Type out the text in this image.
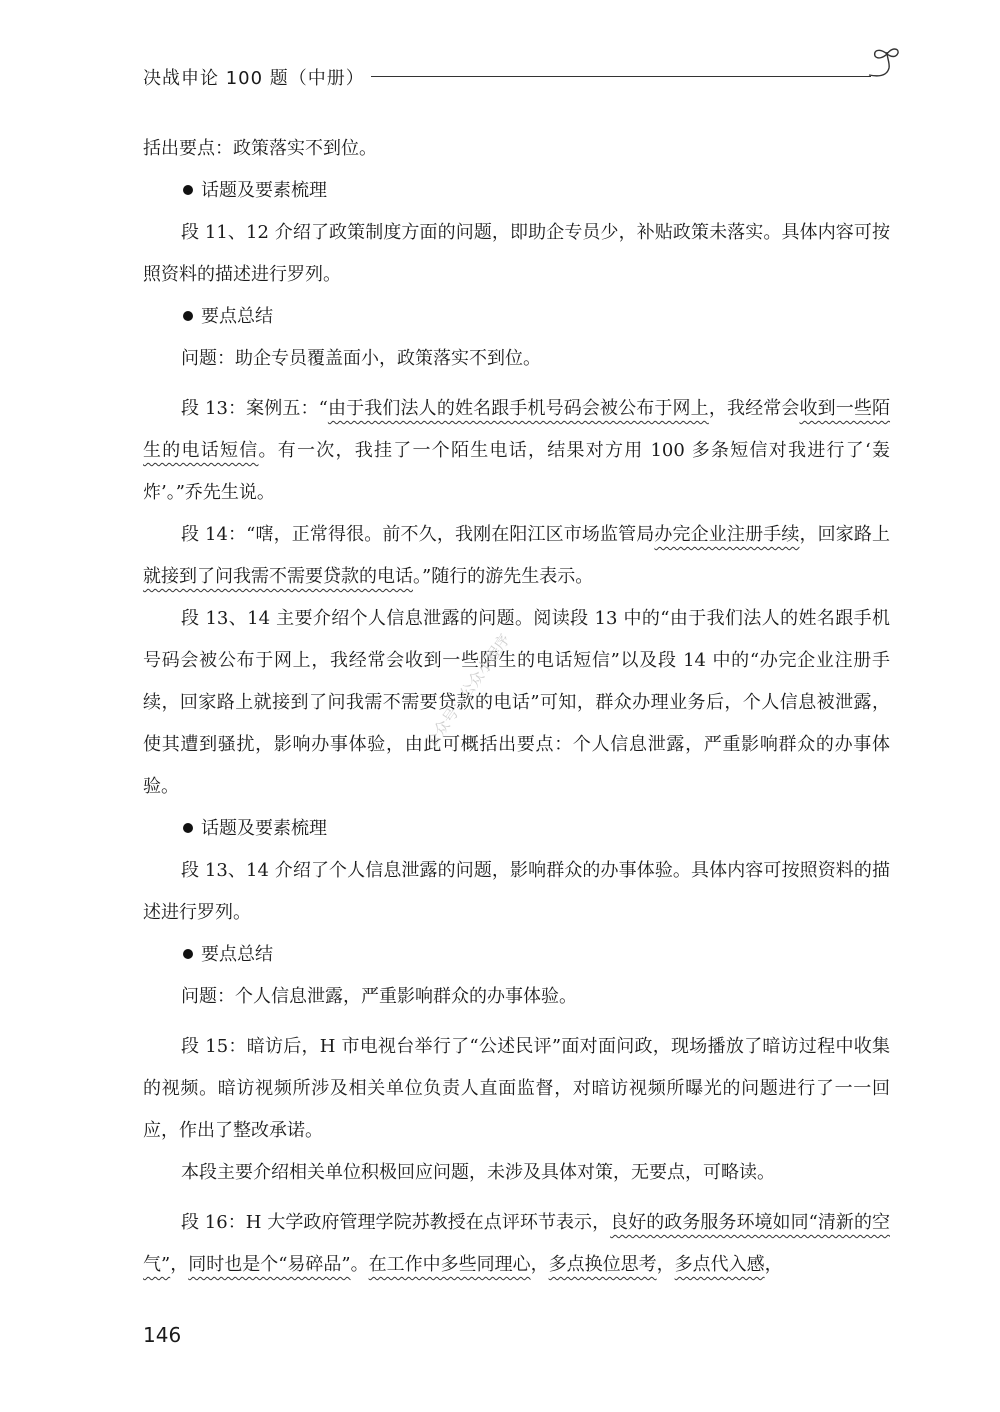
决战申论 100 题（中册）

括出要点：政策落实不到位。

话题及要素梳理

段 11、12 介绍了政策制度方面的问题，即助企专员少，补贴政策未落实。具体内容可按照资料的描述进行罗列。

要点总结

问题：助企专员覆盖面小，政策落实不到位。

段 13：案例五：“由于我们法人的姓名跟手机号码会被公布于网上，我经常会收到一些陌生的电话短信。有一次，我挂了一个陌生电话，结果对方用 100 多条短信对我进行了‘轰炸’。”乔先生说。

段 14：“嗐，正常得很。前不久，我刚在阳江区市场监管局办完企业注册手续，回家路上就接到了问我需不需要贷款的电话。”随行的游先生表示。

段 13、14 主要介绍个人信息泄露的问题。阅读段 13 中的“由于我们法人的姓名跟手机号码会被公布于网上，我经常会收到一些陌生的电话短信”以及段 14 中的“办完企业注册手续，回家路上就接到了问我需不需要贷款的电话”可知，群众办理业务后，个人信息被泄露，使其遭到骚扰，影响办事体验，由此可概括出要点：个人信息泄露，严重影响群众的办事体验。

话题及要素梳理

段 13、14 介绍了个人信息泄露的问题，影响群众的办事体验。具体内容可按照资料的描述进行罗列。

要点总结

问题：个人信息泄露，严重影响群众的办事体验。

段 15：暗访后，H 市电视台举行了“公述民评”面对面问政，现场播放了暗访过程中收集的视频。暗访视频所涉及相关单位负责人直面监督，对暗访视频所曝光的问题进行了一一回应，作出了整改承诺。

本段主要介绍相关单位积极回应问题，未涉及具体对策，无要点，可略读。

段 16：H 大学政府管理学院苏教授在点评环节表示，良好的政务服务环境如同“清新的空气”，同时也是个“易碎品”。在工作中多些同理心，多点换位思考，多点代入感，

公众号：公众小程序
146
